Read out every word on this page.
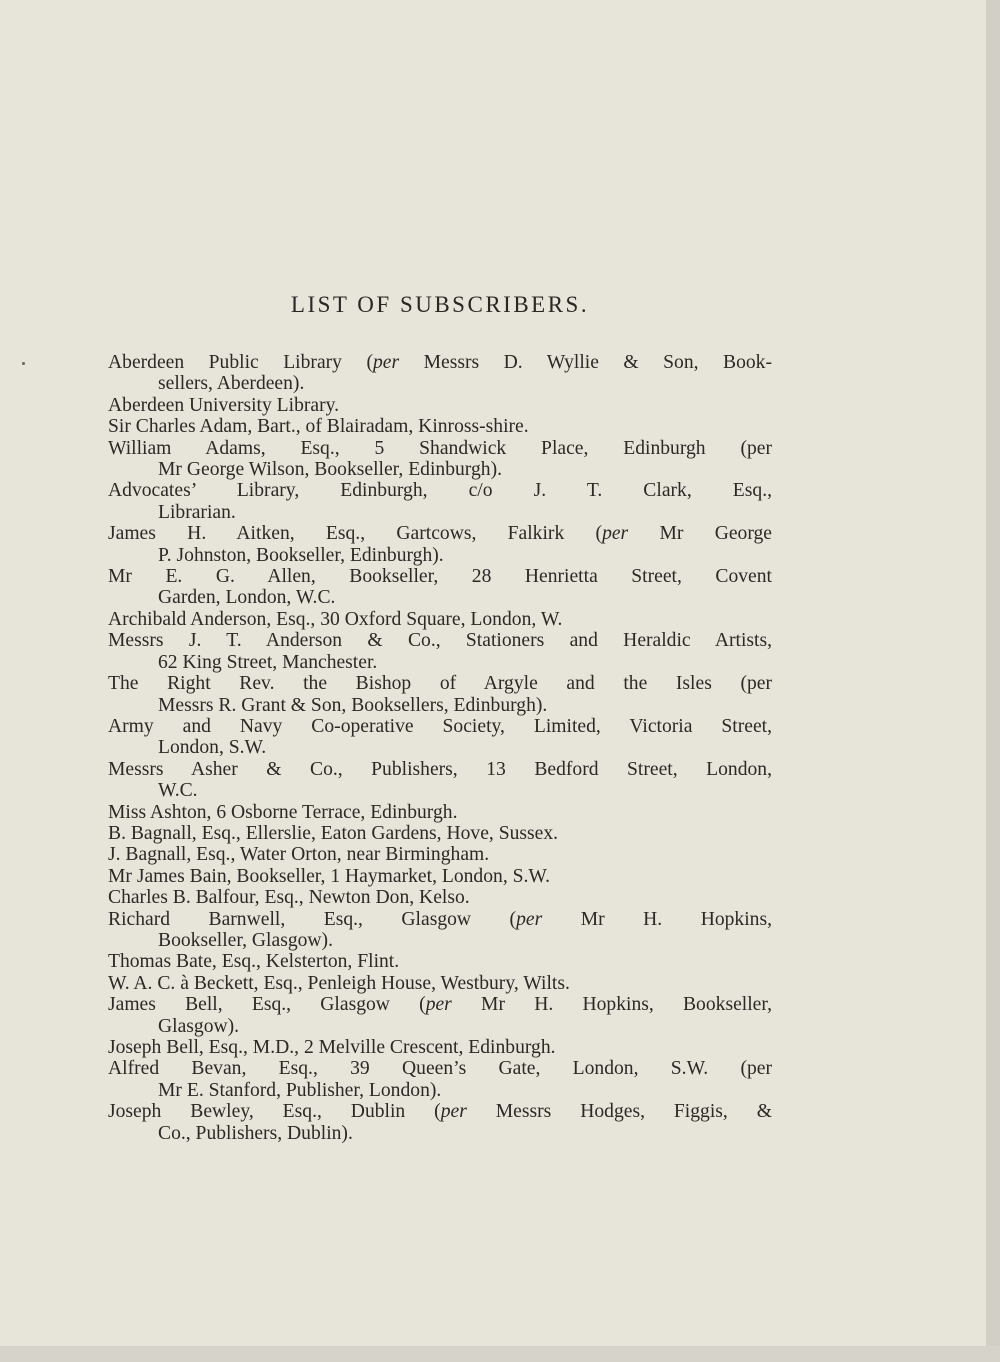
LIST OF SUBSCRIBERS.
Aberdeen Public Library (per Messrs D. Wyllie & Son, Book-
sellers, Aberdeen).
Aberdeen University Library.
Sir Charles Adam, Bart., of Blairadam, Kinross-shire.
William Adams, Esq., 5 Shandwick Place, Edinburgh (per
Mr George Wilson, Bookseller, Edinburgh).
Advocates’ Library, Edinburgh, c/o J. T. Clark, Esq.,
Librarian.
James H. Aitken, Esq., Gartcows, Falkirk (per Mr George
P. Johnston, Bookseller, Edinburgh).
Mr E. G. Allen, Bookseller, 28 Henrietta Street, Covent
Garden, London, W.C.
Archibald Anderson, Esq., 30 Oxford Square, London, W.
Messrs J. T. Anderson & Co., Stationers and Heraldic Artists,
62 King Street, Manchester.
The Right Rev. the Bishop of Argyle and the Isles (per
Messrs R. Grant & Son, Booksellers, Edinburgh).
Army and Navy Co-operative Society, Limited, Victoria Street,
London, S.W.
Messrs Asher & Co., Publishers, 13 Bedford Street, London,
W.C.
Miss Ashton, 6 Osborne Terrace, Edinburgh.
B. Bagnall, Esq., Ellerslie, Eaton Gardens, Hove, Sussex.
J. Bagnall, Esq., Water Orton, near Birmingham.
Mr James Bain, Bookseller, 1 Haymarket, London, S.W.
Charles B. Balfour, Esq., Newton Don, Kelso.
Richard Barnwell, Esq., Glasgow (per Mr H. Hopkins,
Bookseller, Glasgow).
Thomas Bate, Esq., Kelsterton, Flint.
W. A. C. à Beckett, Esq., Penleigh House, Westbury, Wilts.
James Bell, Esq., Glasgow (per Mr H. Hopkins, Bookseller,
Glasgow).
Joseph Bell, Esq., M.D., 2 Melville Crescent, Edinburgh.
Alfred Bevan, Esq., 39 Queen’s Gate, London, S.W. (per
Mr E. Stanford, Publisher, London).
Joseph Bewley, Esq., Dublin (per Messrs Hodges, Figgis, &
Co., Publishers, Dublin).
